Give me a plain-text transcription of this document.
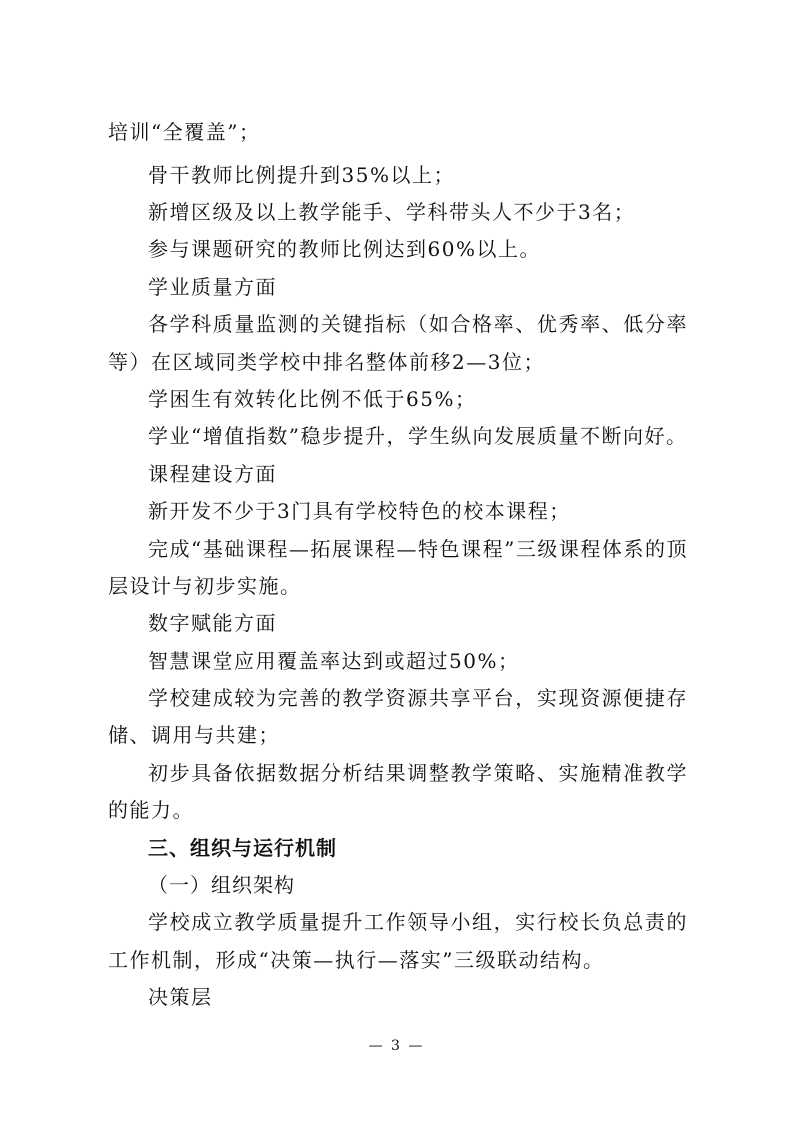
培训“全覆盖”；
骨干教师比例提升到35%以上；
新增区级及以上教学能手、学科带头人不少于3名；
参与课题研究的教师比例达到60%以上。
学业质量方面
各学科质量监测的关键指标（如合格率、优秀率、低分率
等）在区域同类学校中排名整体前移2—3位；
学困生有效转化比例不低于65%；
学业“增值指数”稳步提升，学生纵向发展质量不断向好。
课程建设方面
新开发不少于3门具有学校特色的校本课程；
完成“基础课程—拓展课程—特色课程”三级课程体系的顶
层设计与初步实施。
数字赋能方面
智慧课堂应用覆盖率达到或超过50%；
学校建成较为完善的教学资源共享平台，实现资源便捷存
储、调用与共建；
初步具备依据数据分析结果调整教学策略、实施精准教学
的能力。
三、组织与运行机制
（一）组织架构
学校成立教学质量提升工作领导小组，实行校长负总责的
工作机制，形成“决策—执行—落实”三级联动结构。
决策层
— 3 —
